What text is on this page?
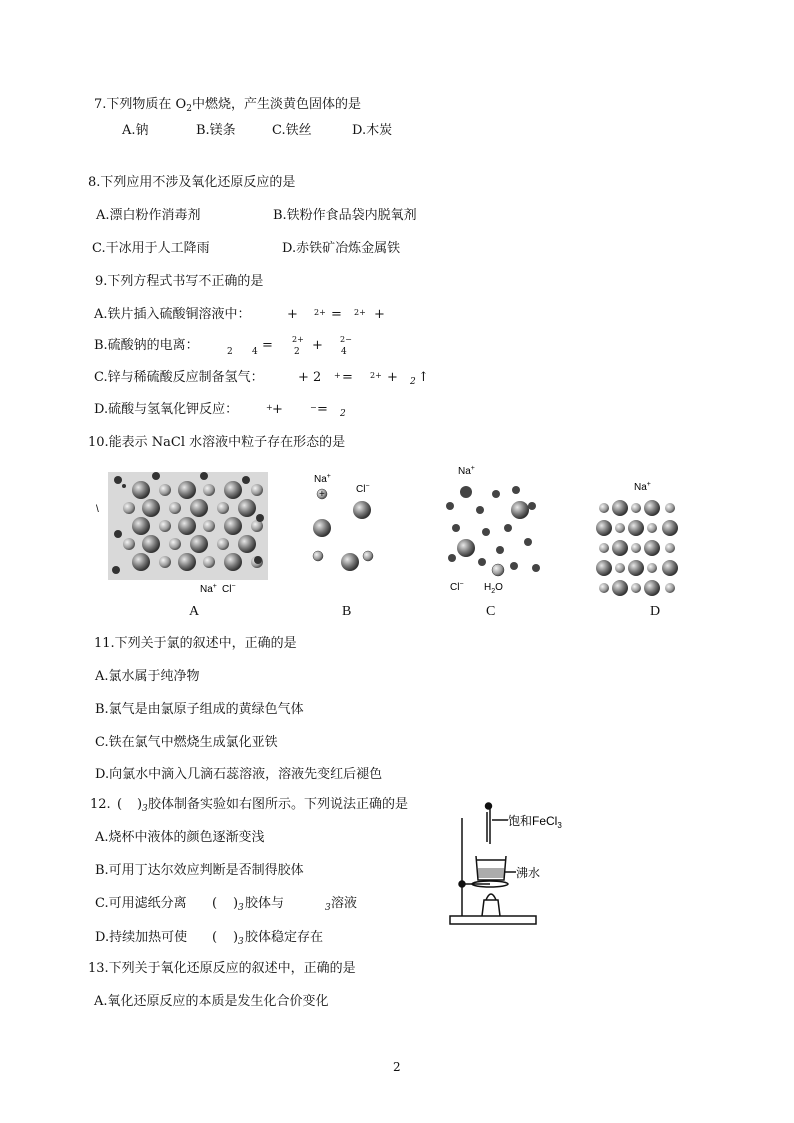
7.下列物质在 $O_2$中燃烧，产生淡黄色固体的是
A.钠	B.镁条	C.铁丝	D.木炭
8.下列应用不涉及氧化还原反应的是
A.漂白粉作消毒剂	B.铁粉作食品袋内脱氧剂
C.干冰用于人工降雨	D.赤铁矿冶炼金属铁
9.下列方程式书写不正确的是
A.铁片插入硫酸铜溶液中：	+ 2+ = 2+ +
B.硫酸钠的电离：	2 4 = 2+
2 + 2−
4
C.锌与稀硫酸反应制备氢气：	+ 2 + = 2+ + 2 ↑
D.硫酸与氢氧化钾反应：	+ +	− = 2
10.能表示 NaCl 水溶液中粒子存在形态的是
\
Na+ Cl−
A
Na+
+	Cl−
B
Na+
Cl− $H_2O$
C
Na+
D
11.下列关于氯的叙述中，正确的是
A.氯水属于纯净物
B.氯气是由氯原子组成的黄绿色气体
C.铁在氯气中燃烧生成氯化亚铁
D.向氯水中滴入几滴石蕊溶液，溶液先变红后褪色
12. ( ) 3 胶体制备实验如右图所示。下列说法正确的是
A.烧杯中液体的颜色逐渐变浅
B.可用丁达尔效应判断是否制得胶体
C.可用滤纸分离 ( ) 3 胶体与	3 溶液
D.持续加热可使 ( ) 3 胶体稳定存在
饱和FeCl$_3$
沸水
13.下列关于氧化还原反应的叙述中，正确的是
A.氧化还原反应的本质是发生化合价变化
2
